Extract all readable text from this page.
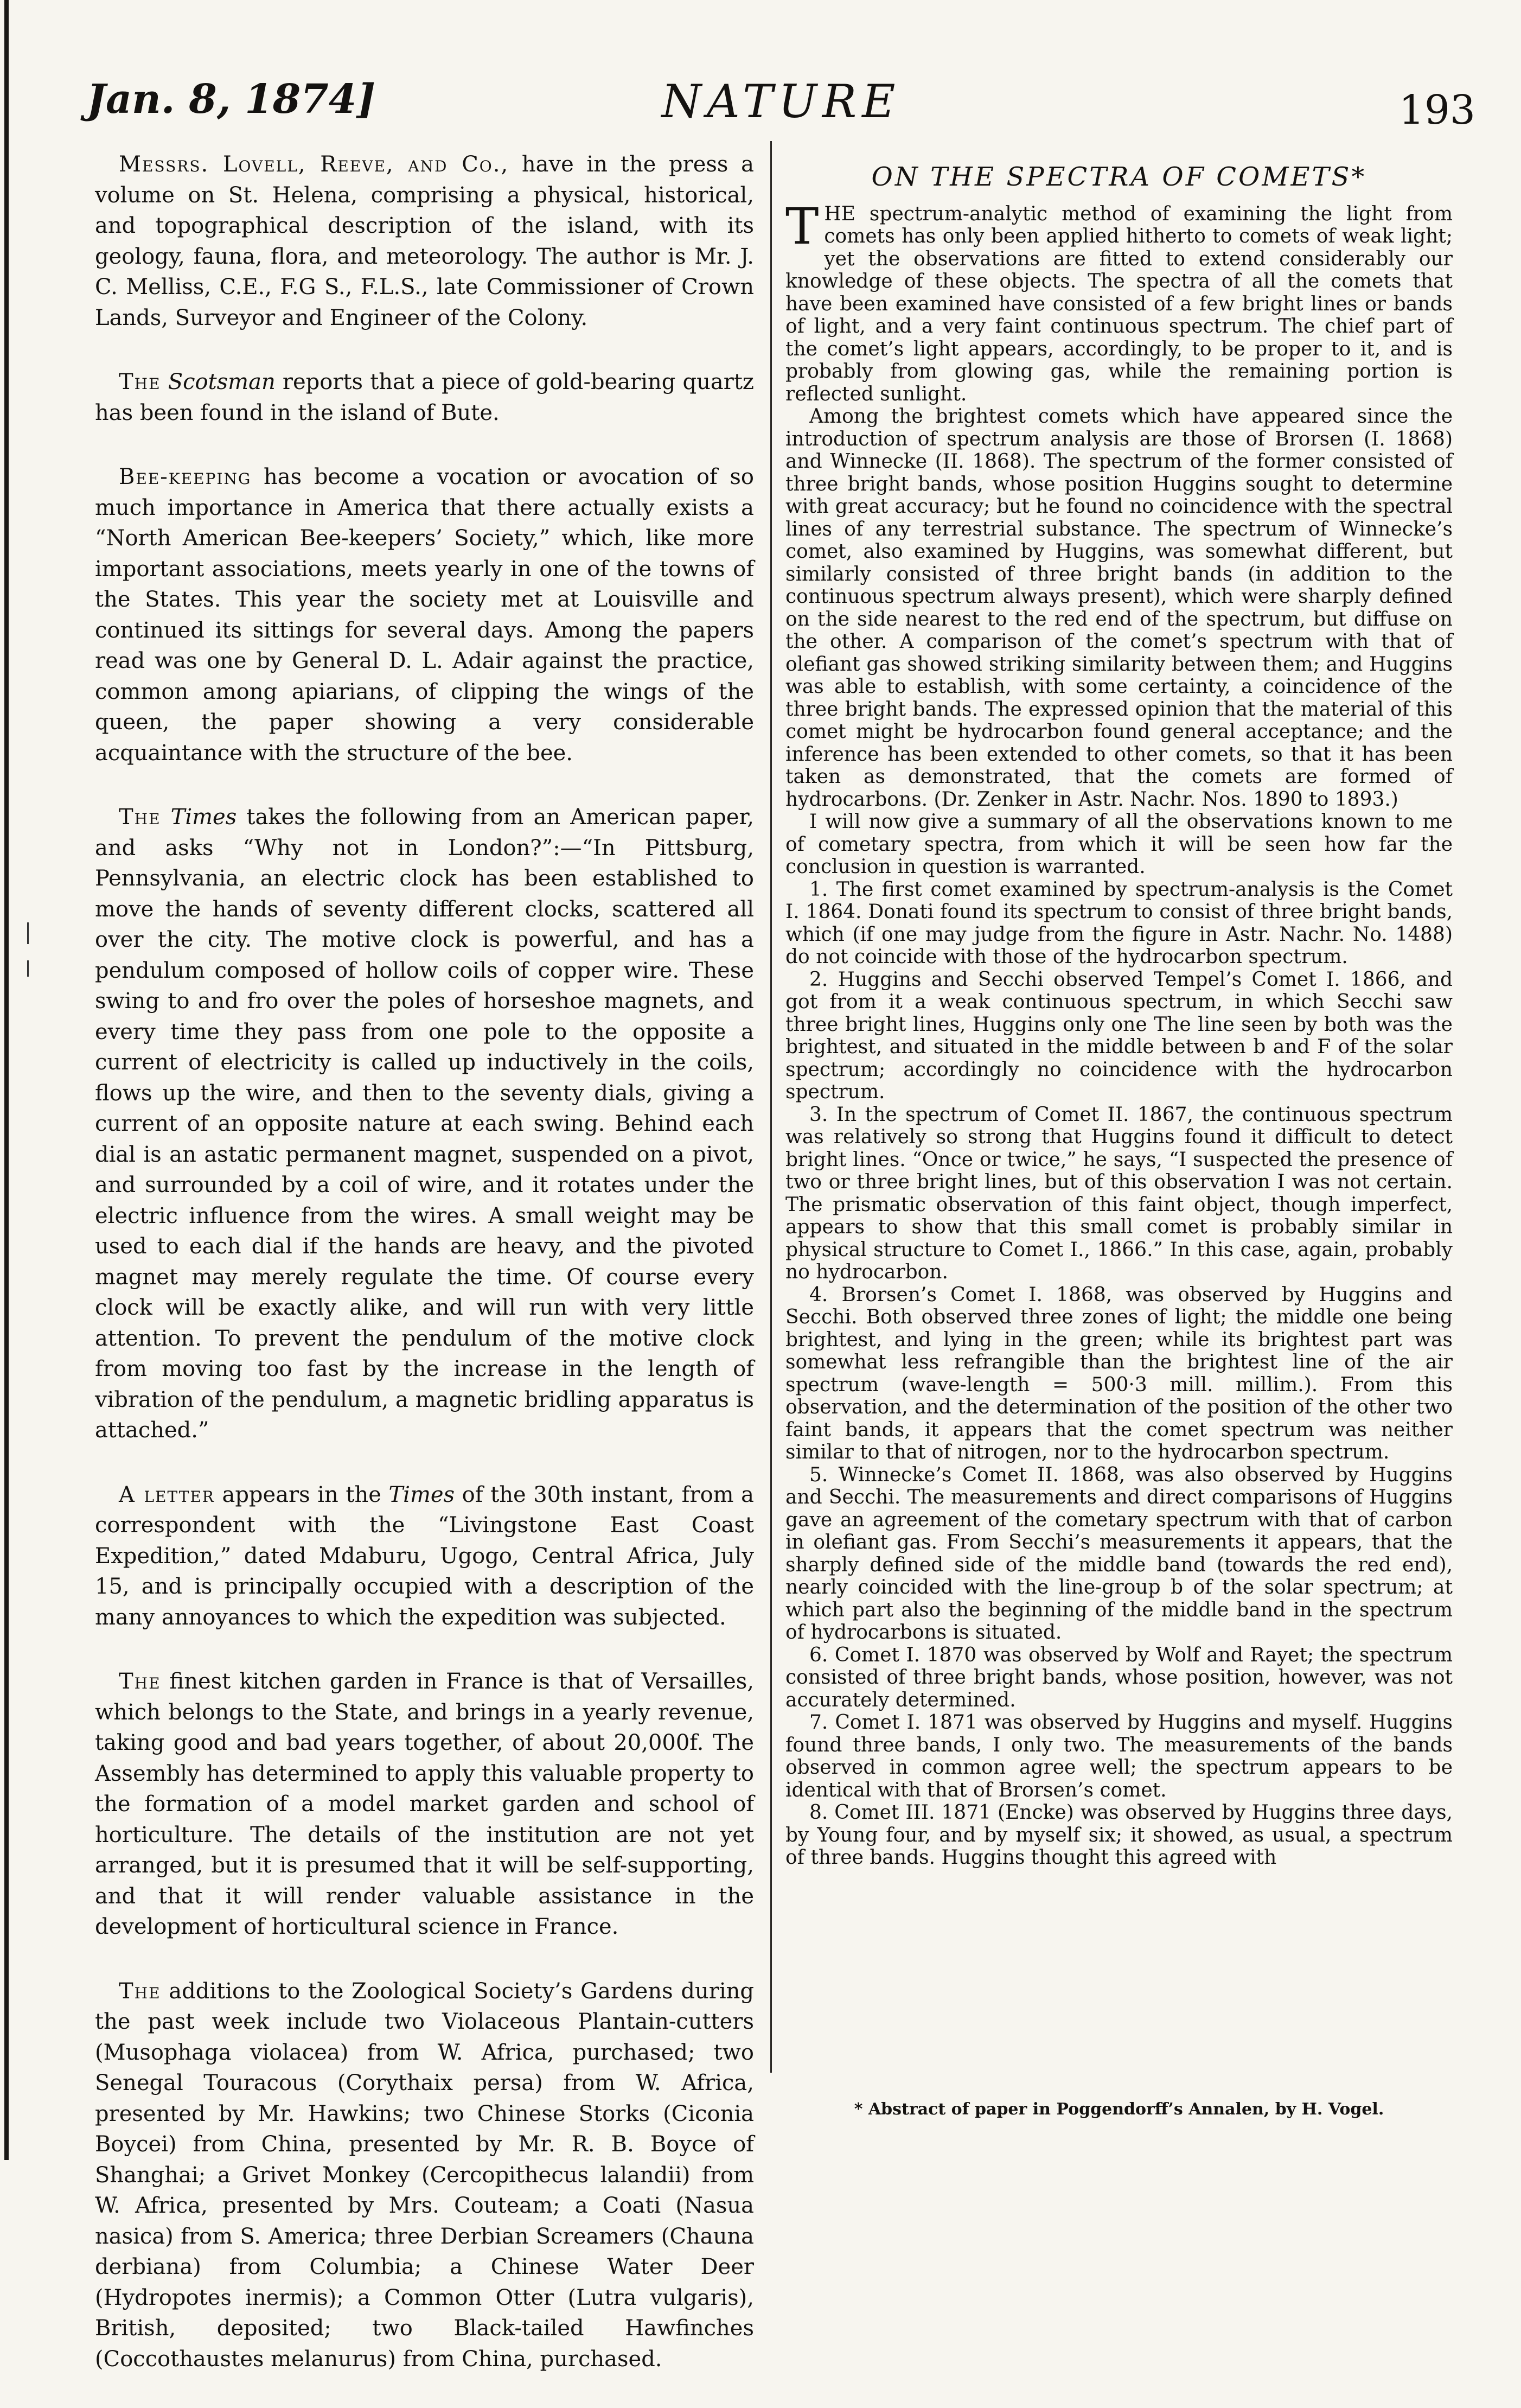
Jan. 8, 1874]	NATURE	193

Messrs. Lovell, Reeve, and Co., have in the press a volume on St. Helena, comprising a physical, historical, and topographical description of the island, with its geology, fauna, flora, and meteorology. The author is Mr. J. C. Melliss, C.E., F.G S., F.L.S., late Commissioner of Crown Lands, Surveyor and Engineer of the Colony.

The Scotsman reports that a piece of gold-bearing quartz has been found in the island of Bute.

Bee-keeping has become a vocation or avocation of so much importance in America that there actually exists a “North American Bee-keepers’ Society,” which, like more important associations, meets yearly in one of the towns of the States. This year the society met at Louisville and continued its sittings for several days. Among the papers read was one by General D. L. Adair against the practice, common among apiarians, of clipping the wings of the queen, the paper showing a very considerable acquaintance with the structure of the bee.

The Times takes the following from an American paper, and asks “Why not in London?”:—“In Pittsburg, Pennsylvania, an electric clock has been established to move the hands of seventy different clocks, scattered all over the city. The motive clock is powerful, and has a pendulum composed of hollow coils of copper wire. These swing to and fro over the poles of horseshoe magnets, and every time they pass from one pole to the opposite a current of electricity is called up inductively in the coils, flows up the wire, and then to the seventy dials, giving a current of an opposite nature at each swing. Behind each dial is an astatic permanent magnet, suspended on a pivot, and surrounded by a coil of wire, and it rotates under the electric influence from the wires. A small weight may be used to each dial if the hands are heavy, and the pivoted magnet may merely regulate the time. Of course every clock will be exactly alike, and will run with very little attention. To prevent the pendulum of the motive clock from moving too fast by the increase in the length of vibration of the pendulum, a magnetic bridling apparatus is attached.”

A letter appears in the Times of the 30th instant, from a correspondent with the “Livingstone East Coast Expedition,” dated Mdaburu, Ugogo, Central Africa, July 15, and is principally occupied with a description of the many annoyances to which the expedition was subjected.

The finest kitchen garden in France is that of Versailles, which belongs to the State, and brings in a yearly revenue, taking good and bad years together, of about 20,000f. The Assembly has determined to apply this valuable property to the formation of a model market garden and school of horticulture. The details of the institution are not yet arranged, but it is presumed that it will be self-supporting, and that it will render valuable assistance in the development of horticultural science in France.

The additions to the Zoological Society’s Gardens during the past week include two Violaceous Plantain-cutters (Musophaga violacea) from W. Africa, purchased; two Senegal Touracous (Corythaix persa) from W. Africa, presented by Mr. Hawkins; two Chinese Storks (Ciconia Boycei) from China, presented by Mr. R. B. Boyce of Shanghai; a Grivet Monkey (Cercopithecus lalandii) from W. Africa, presented by Mrs. Couteam; a Coati (Nasua nasica) from S. America; three Derbian Screamers (Chauna derbiana) from Columbia; a Chinese Water Deer (Hydropotes inermis); a Common Otter (Lutra vulgaris), British, deposited; two Black-tailed Hawfinches (Coccothaustes melanurus) from China, purchased.

ON THE SPECTRA OF COMETS*

THE spectrum-analytic method of examining the light from comets has only been applied hitherto to comets of weak light; yet the observations are fitted to extend considerably our knowledge of these objects. The spectra of all the comets that have been examined have consisted of a few bright lines or bands of light, and a very faint continuous spectrum. The chief part of the comet’s light appears, accordingly, to be proper to it, and is probably from glowing gas, while the remaining portion is reflected sunlight.

Among the brightest comets which have appeared since the introduction of spectrum analysis are those of Brorsen (I. 1868) and Winnecke (II. 1868). The spectrum of the former consisted of three bright bands, whose position Huggins sought to determine with great accuracy; but he found no coincidence with the spectral lines of any terrestrial substance. The spectrum of Winnecke’s comet, also examined by Huggins, was somewhat different, but similarly consisted of three bright bands (in addition to the continuous spectrum always present), which were sharply defined on the side nearest to the red end of the spectrum, but diffuse on the other. A comparison of the comet’s spectrum with that of olefiant gas showed striking similarity between them; and Huggins was able to establish, with some certainty, a coincidence of the three bright bands. The expressed opinion that the material of this comet might be hydrocarbon found general acceptance; and the inference has been extended to other comets, so that it has been taken as demonstrated, that the comets are formed of hydrocarbons. (Dr. Zenker in Astr. Nachr. Nos. 1890 to 1893.)

I will now give a summary of all the observations known to me of cometary spectra, from which it will be seen how far the conclusion in question is warranted.

1. The first comet examined by spectrum-analysis is the Comet I. 1864. Donati found its spectrum to consist of three bright bands, which (if one may judge from the figure in Astr. Nachr. No. 1488) do not coincide with those of the hydrocarbon spectrum.

2. Huggins and Secchi observed Tempel’s Comet I. 1866, and got from it a weak continuous spectrum, in which Secchi saw three bright lines, Huggins only one The line seen by both was the brightest, and situated in the middle between b and F of the solar spectrum; accordingly no coincidence with the hydrocarbon spectrum.

3. In the spectrum of Comet II. 1867, the continuous spectrum was relatively so strong that Huggins found it difficult to detect bright lines. “Once or twice,” he says, “I suspected the presence of two or three bright lines, but of this observation I was not certain. The prismatic observation of this faint object, though imperfect, appears to show that this small comet is probably similar in physical structure to Comet I., 1866.” In this case, again, probably no hydrocarbon.

4. Brorsen’s Comet I. 1868, was observed by Huggins and Secchi. Both observed three zones of light; the middle one being brightest, and lying in the green; while its brightest part was somewhat less refrangible than the brightest line of the air spectrum (wave-length = 500·3 mill. millim.). From this observation, and the determination of the position of the other two faint bands, it appears that the comet spectrum was neither similar to that of nitrogen, nor to the hydrocarbon spectrum.

5. Winnecke’s Comet II. 1868, was also observed by Huggins and Secchi. The measurements and direct comparisons of Huggins gave an agreement of the cometary spectrum with that of carbon in olefiant gas. From Secchi’s measurements it appears, that the sharply defined side of the middle band (towards the red end), nearly coincided with the line-group b of the solar spectrum; at which part also the beginning of the middle band in the spectrum of hydrocarbons is situated.

6. Comet I. 1870 was observed by Wolf and Rayet; the spectrum consisted of three bright bands, whose position, however, was not accurately determined.

7. Comet I. 1871 was observed by Huggins and myself. Huggins found three bands, I only two. The measurements of the bands observed in common agree well; the spectrum appears to be identical with that of Brorsen’s comet.

8. Comet III. 1871 (Encke) was observed by Huggins three days, by Young four, and by myself six; it showed, as usual, a spectrum of three bands. Huggins thought this agreed with

* Abstract of paper in Poggendorff’s Annalen, by H. Vogel.
